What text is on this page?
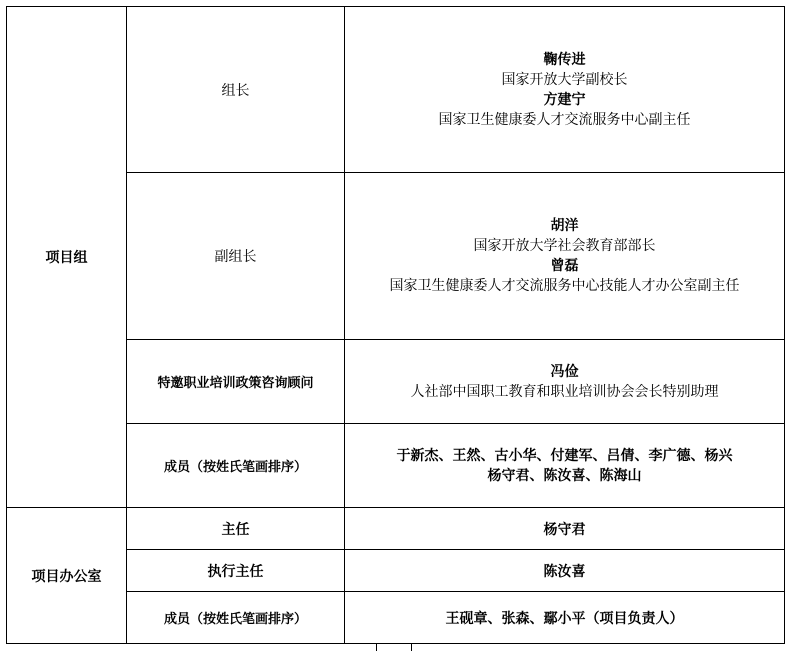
项目组	组长	鞠传进
国家开放大学副校长
方建宁
国家卫生健康委人才交流服务中心副主任

	副组长	胡洋
国家开放大学社会教育部部长
曾磊
国家卫生健康委人才交流服务中心技能人才办公室副主任

	特邀职业培训政策咨询顾问	冯俭
人社部中国职工教育和职业培训协会会长特别助理

	成员（按姓氏笔画排序）	于新杰、王然、古小华、付建军、吕倩、李广德、杨兴
杨守君、陈汝喜、陈海山

项目办公室	主任	杨守君
	执行主任	陈汝喜
	成员（按姓氏笔画排序）	王砚章、张森、鄢小平（项目负责人）
